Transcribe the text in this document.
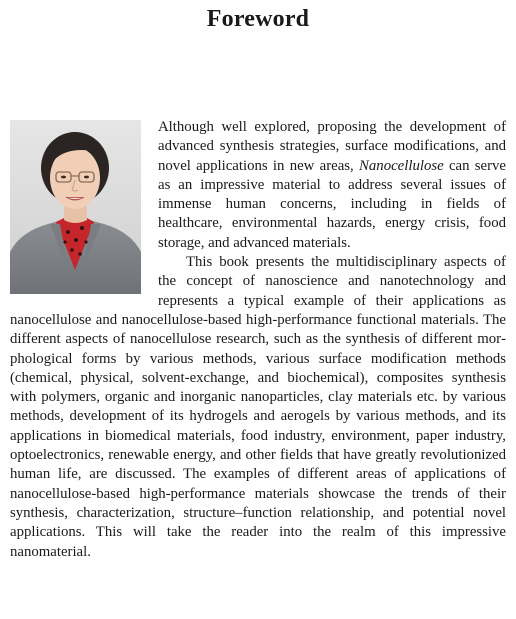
Foreword

Although well explored, proposing the development of advanced synthesis strategies, surface modifications, and novel applications in new areas, Nanocellulose can serve as an impressive material to address several issues of immense human concerns, including in fields of healthcare, environmental hazards, energy crisis, food storage, and advanced materials.

This book presents the multidisciplinary aspects of the concept of nanoscience and nanotechnology and represents a typical example of their applications as nanocellulose and nanocellulose-based high-performance functional materials. The different aspects of nanocellulose research, such as the synthesis of different morphological forms by various methods, various surface modification methods (chemical, physical, solvent-exchange, and biochemical), composites synthesis with polymers, organic and inorganic nanoparticles, clay materials etc. by various methods, development of its hydrogels and aerogels by various methods, and its applications in biomedical materials, food industry, environment, paper industry, optoelectronics, renewable energy, and other fields that have greatly revolutionized human life, are discussed. The examples of different areas of applications of nanocellulose-based high-performance materials showcase the trends of their synthesis, characterization, structure–function relationship, and potential novel applications. This will take the reader into the realm of this impressive nanomaterial.
